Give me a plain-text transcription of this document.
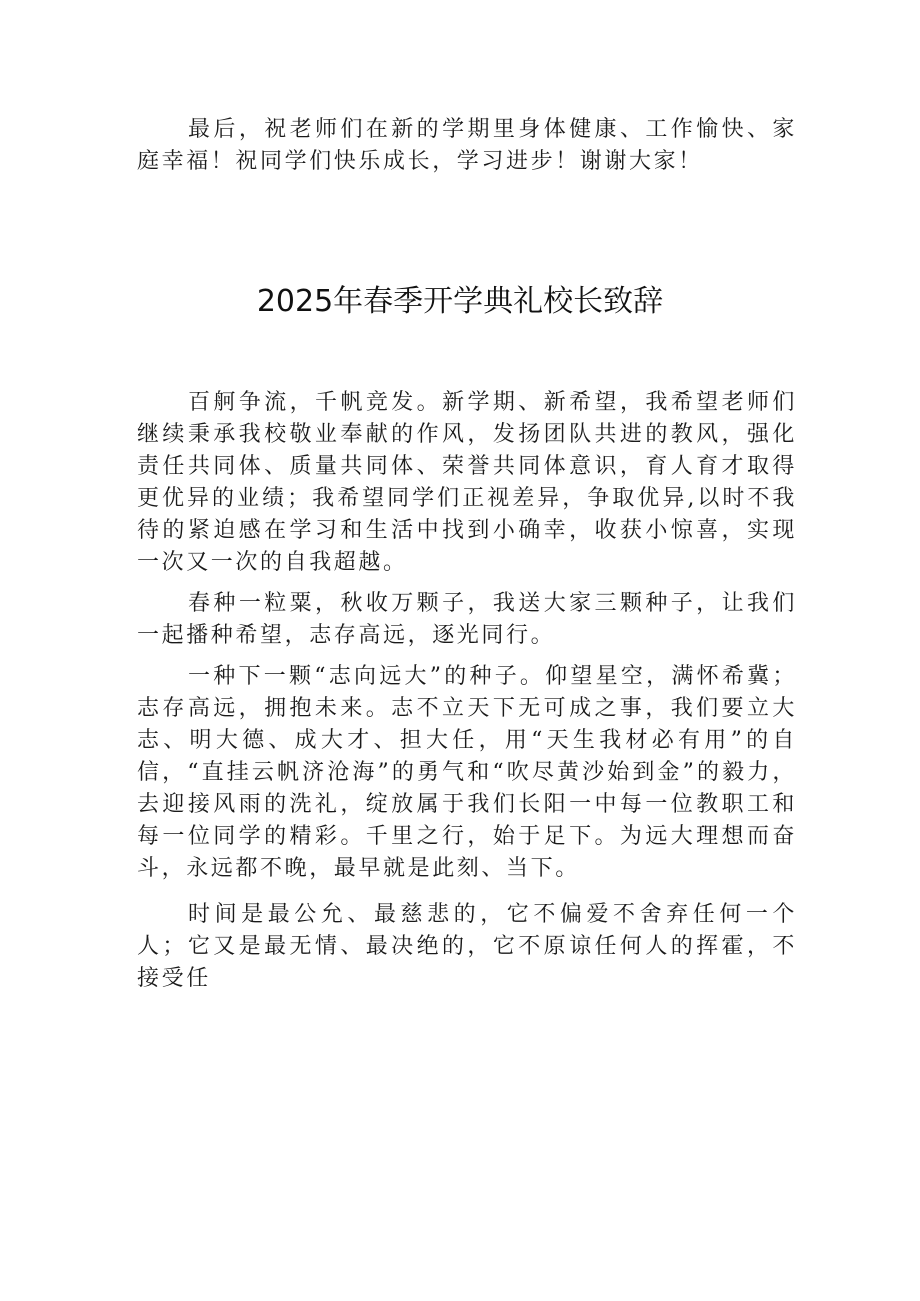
最后，祝老师们在新的学期里身体健康、工作愉快、家庭幸福！祝同学们快乐成长，学习进步！谢谢大家！

2025年春季开学典礼校长致辞

百舸争流，千帆竞发。新学期、新希望，我希望老师们继续秉承我校敬业奉献的作风，发扬团队共进的教风，强化责任共同体、质量共同体、荣誉共同体意识，育人育才取得更优异的业绩；我希望同学们正视差异，争取优异,以时不我待的紧迫感在学习和生活中找到小确幸，收获小惊喜，实现一次又一次的自我超越。

春种一粒粟，秋收万颗子，我送大家三颗种子，让我们一起播种希望，志存高远，逐光同行。

一种下一颗“志向远大”的种子。仰望星空，满怀希冀；志存高远，拥抱未来。志不立天下无可成之事，我们要立大志、明大德、成大才、担大任，用“天生我材必有用”的自信，“直挂云帆济沧海”的勇气和“吹尽黄沙始到金”的毅力，去迎接风雨的洗礼，绽放属于我们长阳一中每一位教职工和每一位同学的精彩。千里之行，始于足下。为远大理想而奋斗，永远都不晚，最早就是此刻、当下。

时间是最公允、最慈悲的，它不偏爱不舍弃任何一个人；它又是最无情、最决绝的，它不原谅任何人的挥霍，不接受任
